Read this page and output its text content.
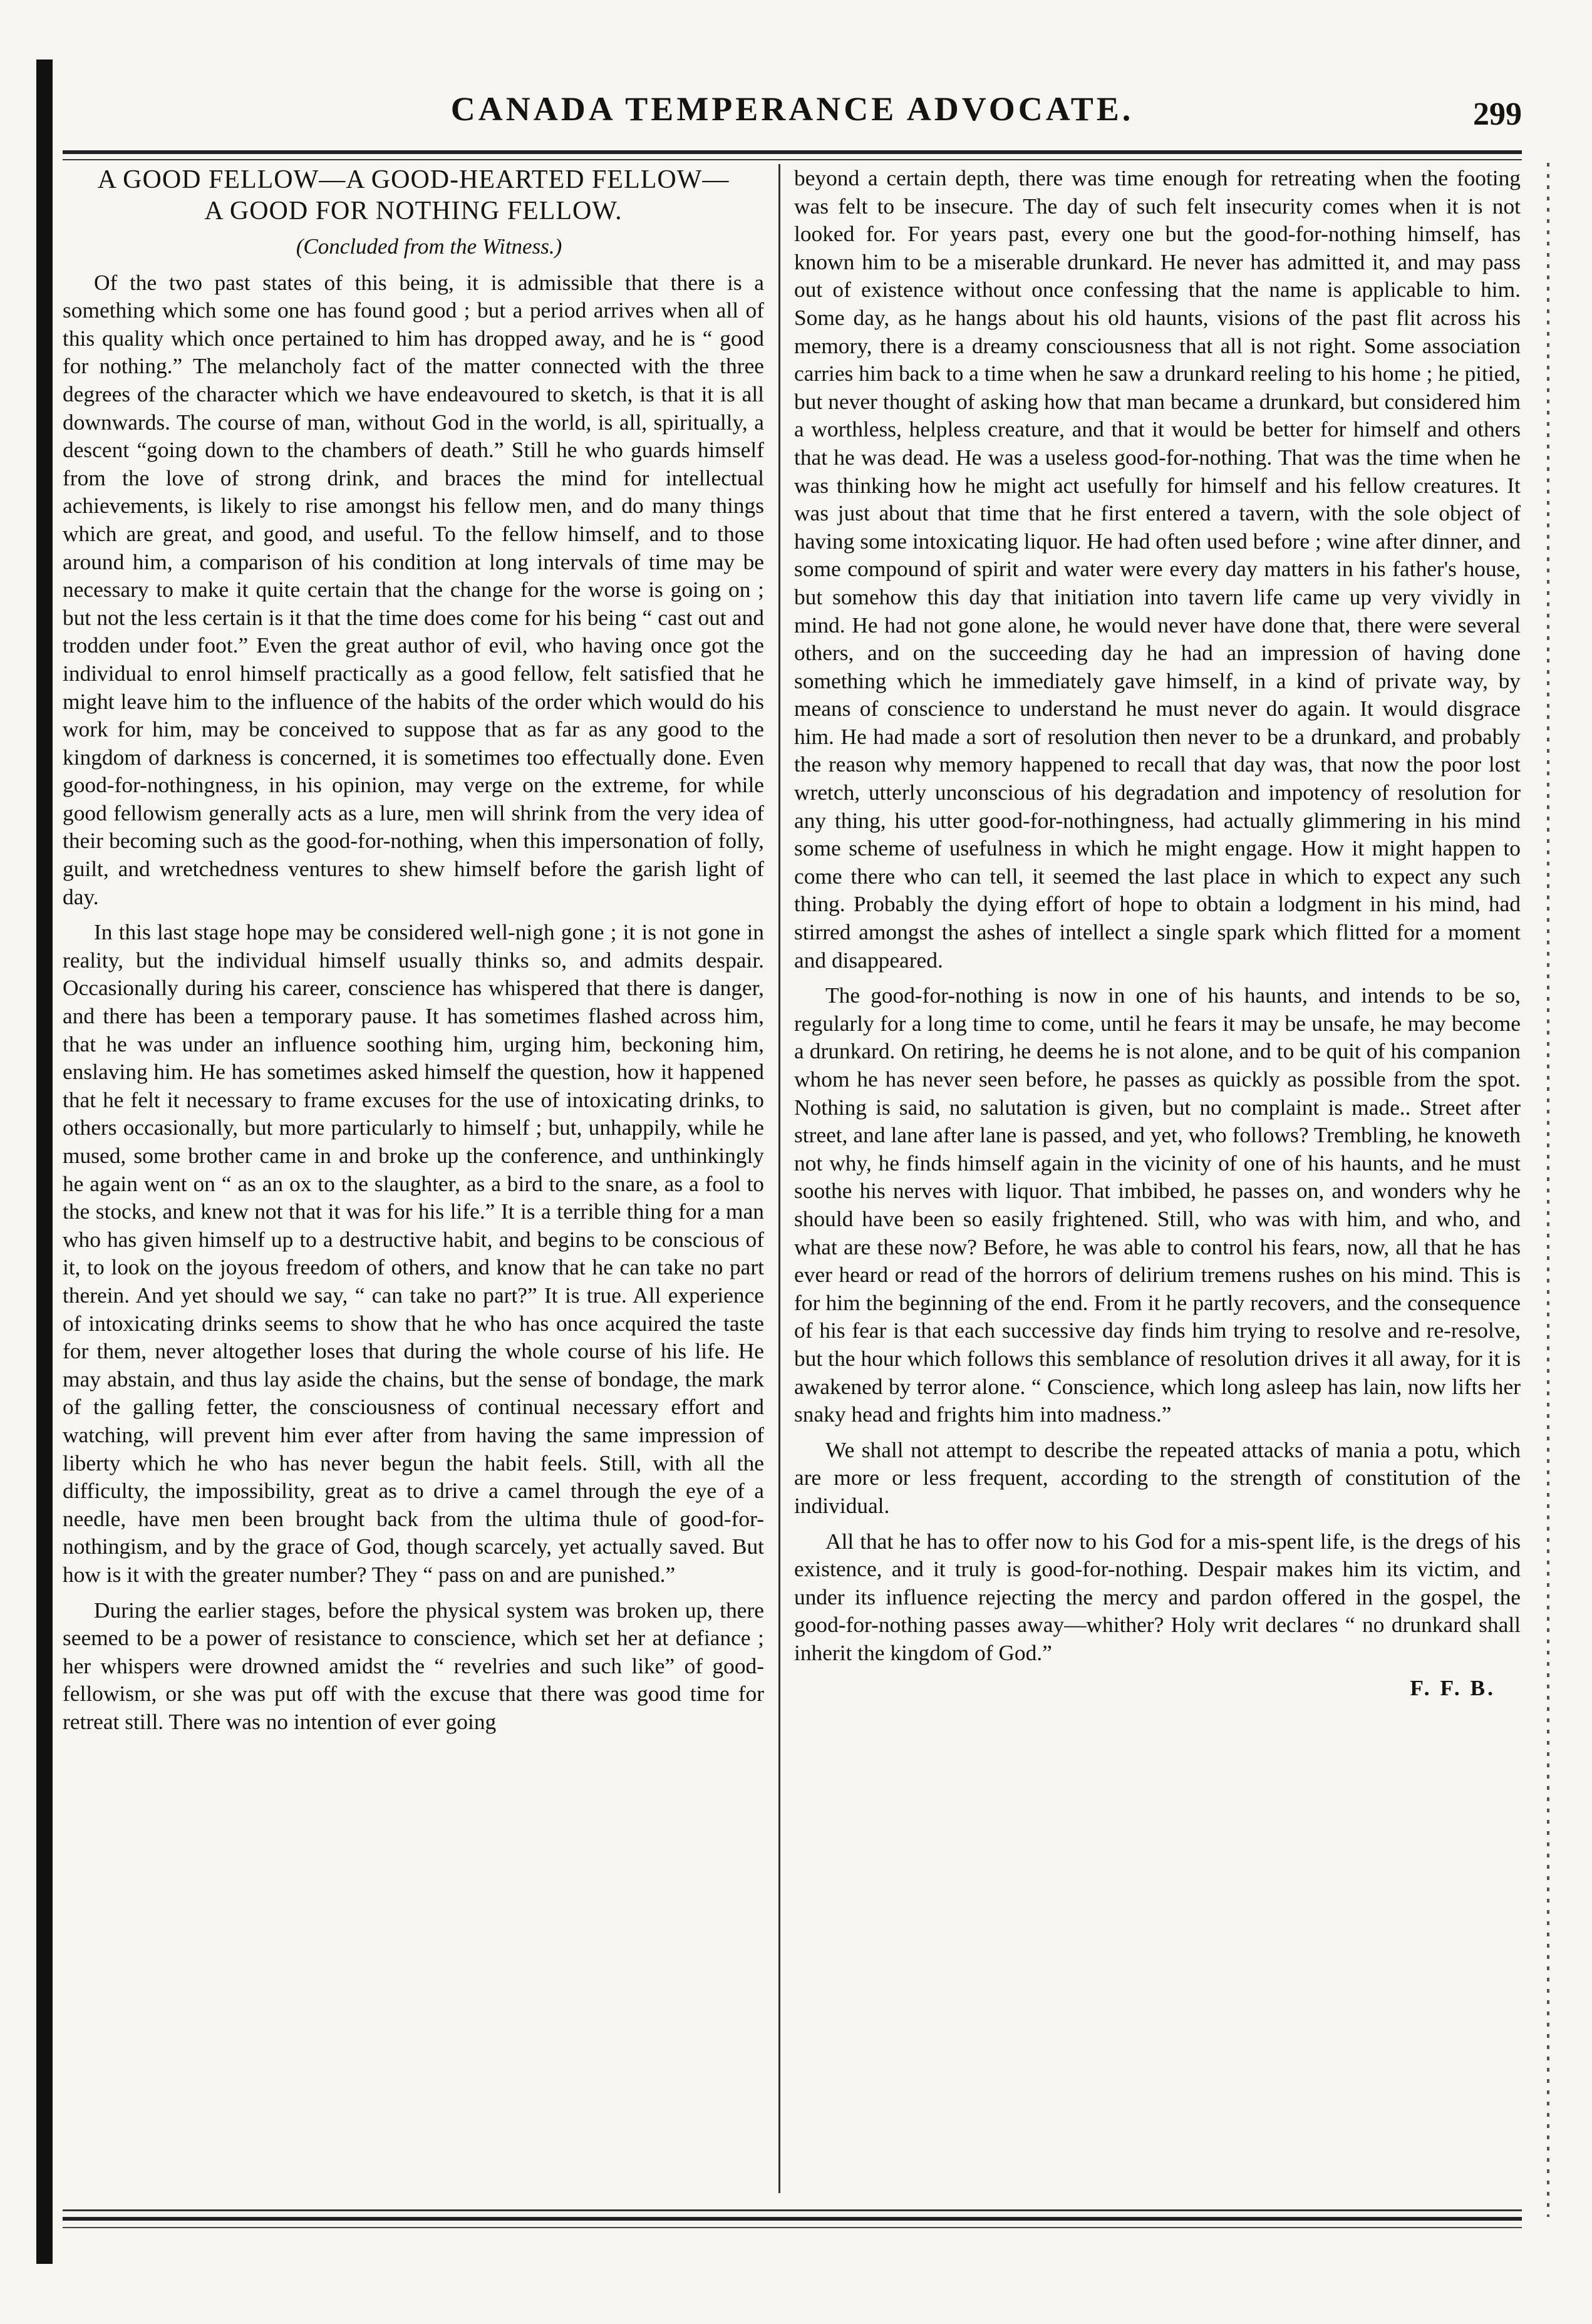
CANADA TEMPERANCE ADVOCATE.	299
A GOOD FELLOW—A GOOD-HEARTED FELLOW—
A GOOD FOR NOTHING FELLOW.

(Concluded from the Witness.)

Of the two past states of this being, it is admissible that there is a something which some one has found good ; but a period arrives when all of this quality which once pertained to him has dropped away, and he is “ good for nothing.” The melancholy fact of the matter connected with the three degrees of the character which we have endeavoured to sketch, is that it is all downwards. The course of man, without God in the world, is all, spiritually, a descent “going down to the chambers of death.” Still he who guards himself from the love of strong drink, and braces the mind for intellectual achievements, is likely to rise amongst his fellow men, and do many things which are great, and good, and useful. To the fellow himself, and to those around him, a comparison of his condition at long intervals of time may be necessary to make it quite certain that the change for the worse is going on ; but not the less certain is it that the time does come for his being “ cast out and trodden under foot.” Even the great author of evil, who having once got the individual to enrol himself practically as a good fellow, felt satisfied that he might leave him to the influence of the habits of the order which would do his work for him, may be conceived to suppose that as far as any good to the kingdom of darkness is concerned, it is sometimes too effectually done. Even good-for-nothingness, in his opinion, may verge on the extreme, for while good fellowism generally acts as a lure, men will shrink from the very idea of their becoming such as the good-for-nothing, when this impersonation of folly, guilt, and wretchedness ventures to shew himself before the garish light of day.

In this last stage hope may be considered well-nigh gone ; it is not gone in reality, but the individual himself usually thinks so, and admits despair. Occasionally during his career, conscience has whispered that there is danger, and there has been a temporary pause. It has sometimes flashed across him, that he was under an influence soothing him, urging him, beckoning him, enslaving him. He has sometimes asked himself the question, how it happened that he felt it necessary to frame excuses for the use of intoxicating drinks, to others occasionally, but more particularly to himself ; but, unhappily, while he mused, some brother came in and broke up the conference, and unthinkingly he again went on “ as an ox to the slaughter, as a bird to the snare, as a fool to the stocks, and knew not that it was for his life.” It is a terrible thing for a man who has given himself up to a destructive habit, and begins to be conscious of it, to look on the joyous freedom of others, and know that he can take no part therein. And yet should we say, “ can take no part?” It is true. All experience of intoxicating drinks seems to show that he who has once acquired the taste for them, never altogether loses that during the whole course of his life. He may abstain, and thus lay aside the chains, but the sense of bondage, the mark of the galling fetter, the consciousness of continual necessary effort and watching, will prevent him ever after from having the same impression of liberty which he who has never begun the habit feels. Still, with all the difficulty, the impossibility, great as to drive a camel through the eye of a needle, have men been brought back from the ultima thule of good-for-nothingism, and by the grace of God, though scarcely, yet actually saved. But how is it with the greater number? They “ pass on and are punished.”

During the earlier stages, before the physical system was broken up, there seemed to be a power of resistance to conscience, which set her at defiance ; her whispers were drowned amidst the “ revelries and such like” of good-fellowism, or she was put off with the excuse that there was good time for retreat still. There was no intention of ever going

beyond a certain depth, there was time enough for retreating when the footing was felt to be insecure. The day of such felt insecurity comes when it is not looked for. For years past, every one but the good-for-nothing himself, has known him to be a miserable drunkard. He never has admitted it, and may pass out of existence without once confessing that the name is applicable to him. Some day, as he hangs about his old haunts, visions of the past flit across his memory, there is a dreamy consciousness that all is not right. Some association carries him back to a time when he saw a drunkard reeling to his home ; he pitied, but never thought of asking how that man became a drunkard, but considered him a worthless, helpless creature, and that it would be better for himself and others that he was dead. He was a useless good-for-nothing. That was the time when he was thinking how he might act usefully for himself and his fellow creatures. It was just about that time that he first entered a tavern, with the sole object of having some intoxicating liquor. He had often used before ; wine after dinner, and some compound of spirit and water were every day matters in his father's house, but somehow this day that initiation into tavern life came up very vividly in mind. He had not gone alone, he would never have done that, there were several others, and on the succeeding day he had an impression of having done something which he immediately gave himself, in a kind of private way, by means of conscience to understand he must never do again. It would disgrace him. He had made a sort of resolution then never to be a drunkard, and probably the reason why memory happened to recall that day was, that now the poor lost wretch, utterly unconscious of his degradation and impotency of resolution for any thing, his utter good-for-nothingness, had actually glimmering in his mind some scheme of usefulness in which he might engage. How it might happen to come there who can tell, it seemed the last place in which to expect any such thing. Probably the dying effort of hope to obtain a lodgment in his mind, had stirred amongst the ashes of intellect a single spark which flitted for a moment and disappeared.

The good-for-nothing is now in one of his haunts, and intends to be so, regularly for a long time to come, until he fears it may be unsafe, he may become a drunkard. On retiring, he deems he is not alone, and to be quit of his companion whom he has never seen before, he passes as quickly as possible from the spot. Nothing is said, no salutation is given, but no complaint is made.. Street after street, and lane after lane is passed, and yet, who follows? Trembling, he knoweth not why, he finds himself again in the vicinity of one of his haunts, and he must soothe his nerves with liquor. That imbibed, he passes on, and wonders why he should have been so easily frightened. Still, who was with him, and who, and what are these now? Before, he was able to control his fears, now, all that he has ever heard or read of the horrors of delirium tremens rushes on his mind. This is for him the beginning of the end. From it he partly recovers, and the consequence of his fear is that each successive day finds him trying to resolve and re-resolve, but the hour which follows this semblance of resolution drives it all away, for it is awakened by terror alone. “ Conscience, which long asleep has lain, now lifts her snaky head and frights him into madness.”

We shall not attempt to describe the repeated attacks of mania a potu, which are more or less frequent, according to the strength of constitution of the individual.

All that he has to offer now to his God for a mis-spent life, is the dregs of his existence, and it truly is good-for-nothing. Despair makes him its victim, and under its influence rejecting the mercy and pardon offered in the gospel, the good-for-nothing passes away—whither? Holy writ declares “ no drunkard shall inherit the kingdom of God.”

F. F. B.
